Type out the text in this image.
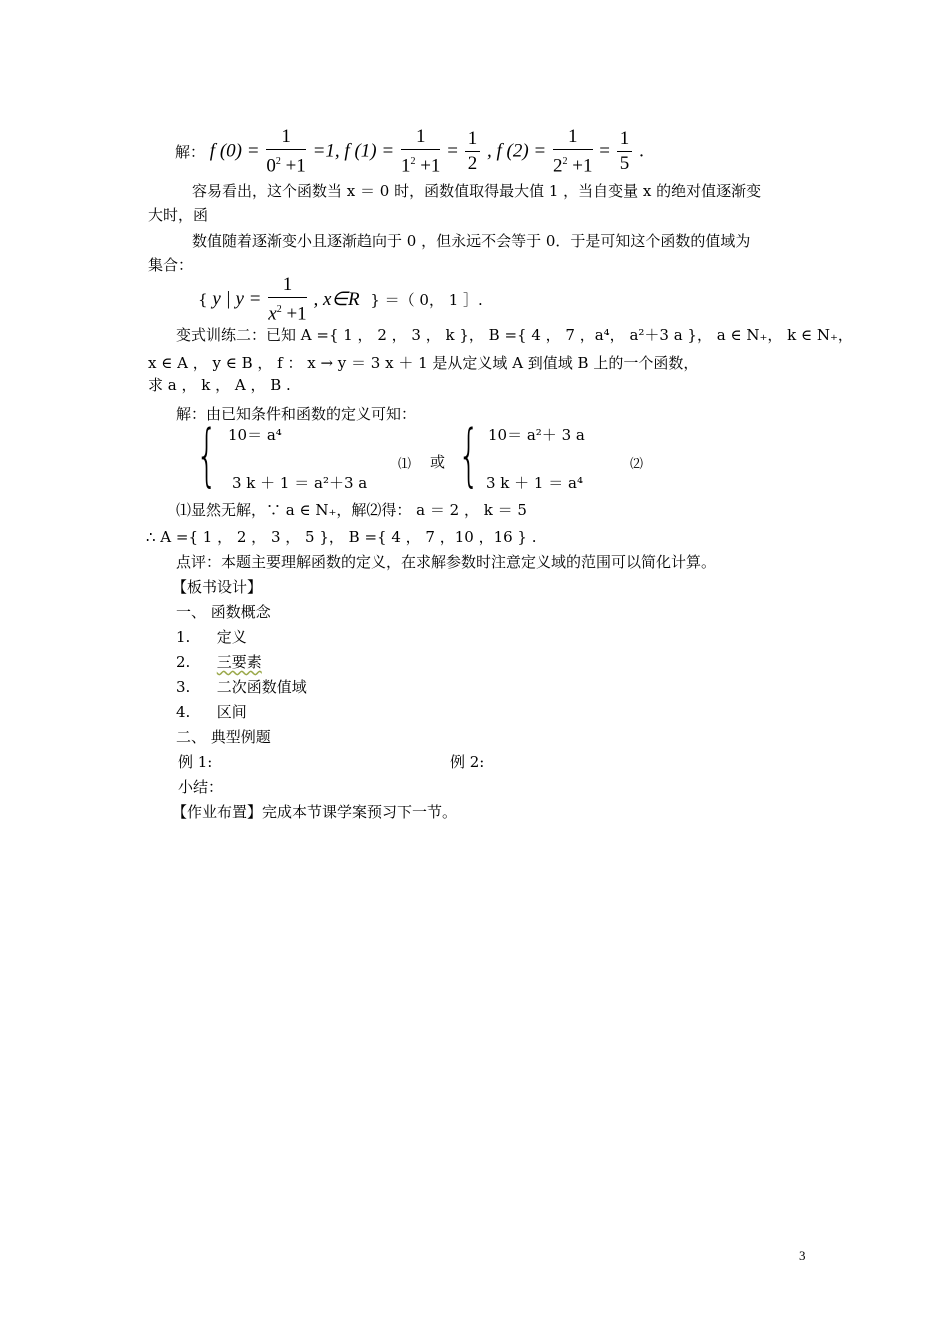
解： f $(0) = \frac{1}{0^2 +1} =1$, f $(1) = \frac{1}{1^2 +1} = \frac{1}{2}$ , f $(2) = \frac{1}{2^2 +1} = \frac{1}{5}$ .
容易看出，这个函数当 x ＝ 0 时，函数值取得最大值 1 ，当自变量 x 的绝对值逐渐变
大时，函
数值随着逐渐变小且逐渐趋向于 0 ，但永远不会等于 0．于是可知这个函数的值域为
集合：
{ y | $y = \frac{1}{x^2 +1}$ , x∈R } ＝（ 0， 1 ］.
变式训练二：已知 A ={ 1 ， 2 ， 3 ， k }， B ={ 4 ， 7 ，a⁴， a²＋3 a }， a ∈ N₊， k ∈ N₊，
x ∈ A ， y ∈ B ， f ： x → y ＝ 3 x ＋ 1 是从定义域 A 到值域 B 上的一个函数，
求 a ， k ， A ， B .
解：由已知条件和函数的定义可知：
{ 10＝ a⁴
3 k ＋ 1 ＝ a²＋3 a
⑴ 或 { 10＝ a²＋ 3 a
3 k ＋ 1 ＝ a⁴
⑵
⑴显然无解，∵ a ∈ N₊，解⑵得： a ＝ 2 ， k ＝ 5
∴ A ={ 1 ， 2 ， 3 ， 5 }， B ={ 4 ， 7 ，10 ，16 } .
点评：本题主要理解函数的定义，在求解参数时注意定义域的范围可以简化计算。
【板书设计】
一、 函数概念
1. 定义
2. 三要素
3. 二次函数值域
4. 区间
二、 典型例题
例 1:	例 2:
小结：
【作业布置】完成本节课学案预习下一节。
3
